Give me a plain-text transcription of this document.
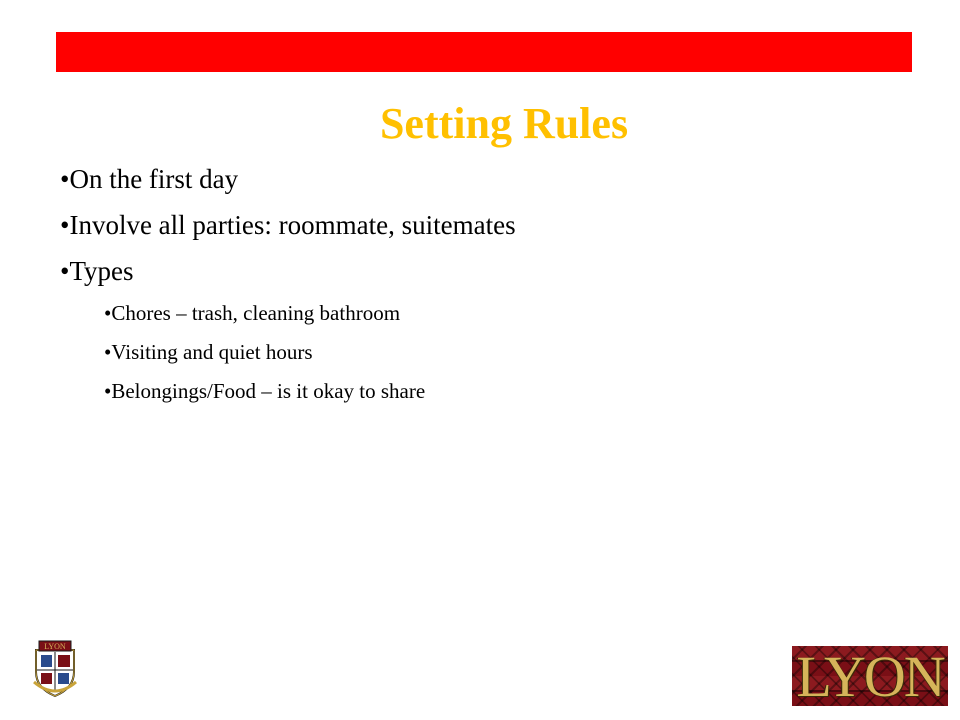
Setting Rules
•On the first day
•Involve all parties: roommate, suitemates
•Types
•Chores – trash, cleaning bathroom
•Visiting and quiet hours
•Belongings/Food – is it okay to share
LYON	LYON
